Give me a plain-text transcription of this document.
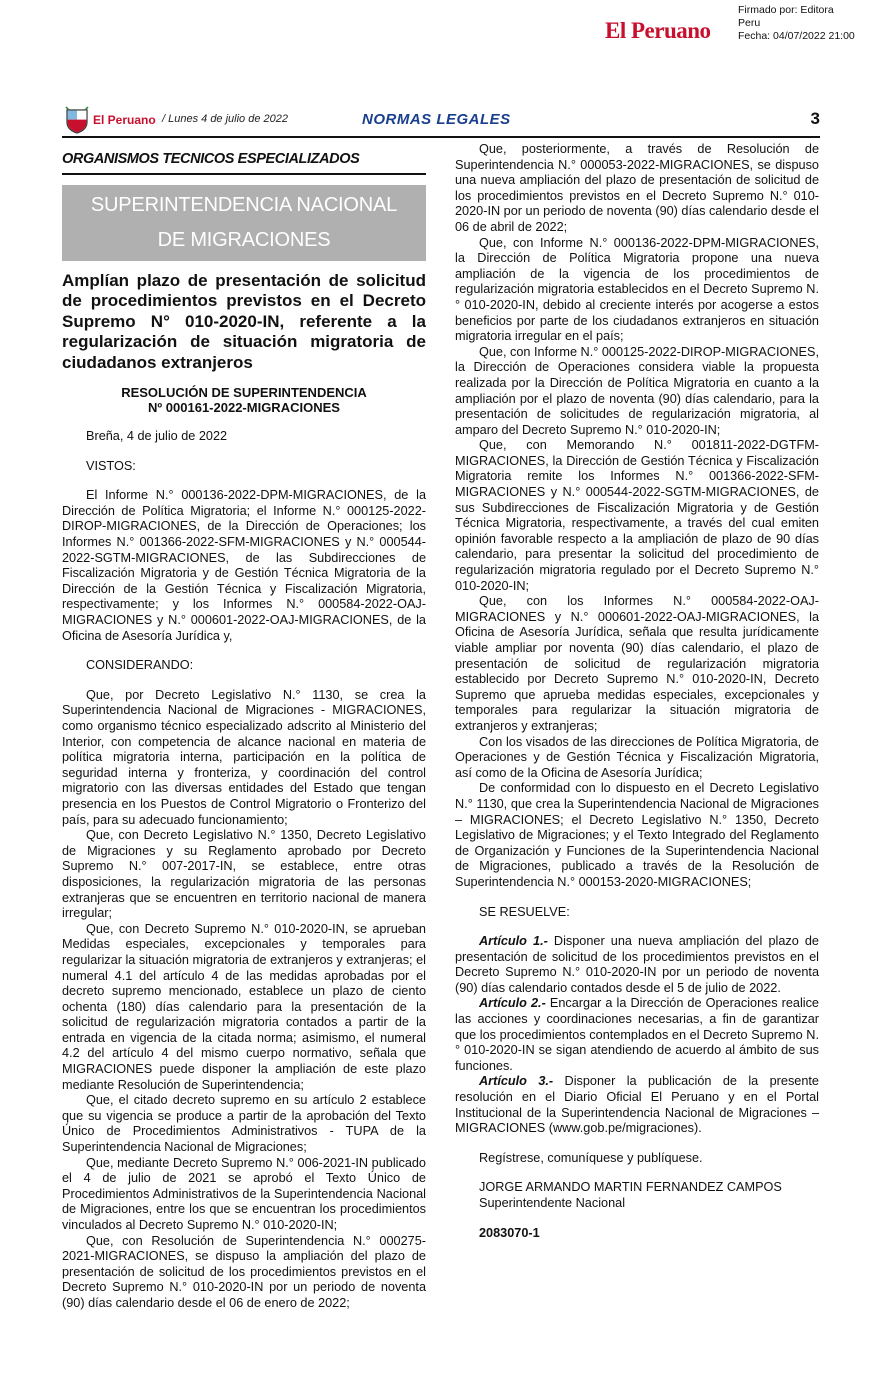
El Peruano
Firmado por: Editora
Peru
Fecha: 04/07/2022 21:00
El Peruano / Lunes 4 de julio de 2022	NORMAS LEGALES	3
ORGANISMOS TECNICOS ESPECIALIZADOS
SUPERINTENDENCIA NACIONAL
DE MIGRACIONES

Amplían plazo de presentación de solicitud de procedimientos previstos en el Decreto Supremo N° 010-2020-IN, referente a la regularización de situación migratoria de ciudadanos extranjeros

RESOLUCIÓN DE SUPERINTENDENCIA
Nº 000161-2022-MIGRACIONES

Breña, 4 de julio de 2022

VISTOS:

El Informe N.° 000136-2022-DPM-MIGRACIONES, de la Dirección de Política Migratoria; el Informe N.° 000125-2022-DIROP-MIGRACIONES, de la Dirección de Operaciones; los Informes N.° 001366-2022-SFM-MIGRACIONES y N.° 000544-2022-SGTM-MIGRACIONES, de las Subdirecciones de Fiscalización Migratoria y de Gestión Técnica Migratoria de la Dirección de la Gestión Técnica y Fiscalización Migratoria, respectivamente; y los Informes N.° 000584-2022-OAJ-MIGRACIONES y N.° 000601-2022-OAJ-MIGRACIONES, de la Oficina de Asesoría Jurídica y,

CONSIDERANDO:

Que, por Decreto Legislativo N.° 1130, se crea la Superintendencia Nacional de Migraciones - MIGRACIONES, como organismo técnico especializado adscrito al Ministerio del Interior, con competencia de alcance nacional en materia de política migratoria interna, participación en la política de seguridad interna y fronteriza, y coordinación del control migratorio con las diversas entidades del Estado que tengan presencia en los Puestos de Control Migratorio o Fronterizo del país, para su adecuado funcionamiento;

Que, con Decreto Legislativo N.° 1350, Decreto Legislativo de Migraciones y su Reglamento aprobado por Decreto Supremo N.° 007-2017-IN, se establece, entre otras disposiciones, la regularización migratoria de las personas extranjeras que se encuentren en territorio nacional de manera irregular;

Que, con Decreto Supremo N.° 010-2020-IN, se aprueban Medidas especiales, excepcionales y temporales para regularizar la situación migratoria de extranjeros y extranjeras; el numeral 4.1 del artículo 4 de las medidas aprobadas por el decreto supremo mencionado, establece un plazo de ciento ochenta (180) días calendario para la presentación de la solicitud de regularización migratoria contados a partir de la entrada en vigencia de la citada norma; asimismo, el numeral 4.2 del artículo 4 del mismo cuerpo normativo, señala que MIGRACIONES puede disponer la ampliación de este plazo mediante Resolución de Superintendencia;

Que, el citado decreto supremo en su artículo 2 establece que su vigencia se produce a partir de la aprobación del Texto Único de Procedimientos Administrativos - TUPA de la Superintendencia Nacional de Migraciones;

Que, mediante Decreto Supremo N.° 006-2021-IN publicado el 4 de julio de 2021 se aprobó el Texto Único de Procedimientos Administrativos de la Superintendencia Nacional de Migraciones, entre los que se encuentran los procedimientos vinculados al Decreto Supremo N.° 010-2020-IN;

Que, con Resolución de Superintendencia N.° 000275-2021-MIGRACIONES, se dispuso la ampliación del plazo de presentación de solicitud de los procedimientos previstos en el Decreto Supremo N.° 010-2020-IN por un periodo de noventa (90) días calendario desde el 06 de enero de 2022;

Que, posteriormente, a través de Resolución de Superintendencia N.° 000053-2022-MIGRACIONES, se dispuso una nueva ampliación del plazo de presentación de solicitud de los procedimientos previstos en el Decreto Supremo N.° 010-2020-IN por un periodo de noventa (90) días calendario desde el 06 de abril de 2022;

Que, con Informe N.° 000136-2022-DPM-MIGRACIONES, la Dirección de Política Migratoria propone una nueva ampliación de la vigencia de los procedimientos de regularización migratoria establecidos en el Decreto Supremo N.° 010-2020-IN, debido al creciente interés por acogerse a estos beneficios por parte de los ciudadanos extranjeros en situación migratoria irregular en el país;

Que, con Informe N.° 000125-2022-DIROP-MIGRACIONES, la Dirección de Operaciones considera viable la propuesta realizada por la Dirección de Política Migratoria en cuanto a la ampliación por el plazo de noventa (90) días calendario, para la presentación de solicitudes de regularización migratoria, al amparo del Decreto Supremo N.° 010-2020-IN;

Que, con Memorando N.° 001811-2022-DGTFM-MIGRACIONES, la Dirección de Gestión Técnica y Fiscalización Migratoria remite los Informes N.° 001366-2022-SFM-MIGRACIONES y N.° 000544-2022-SGTM-MIGRACIONES, de sus Subdirecciones de Fiscalización Migratoria y de Gestión Técnica Migratoria, respectivamente, a través del cual emiten opinión favorable respecto a la ampliación de plazo de 90 días calendario, para presentar la solicitud del procedimiento de regularización migratoria regulado por el Decreto Supremo N.° 010-2020-IN;

Que, con los Informes N.° 000584-2022-OAJ-MIGRACIONES y N.° 000601-2022-OAJ-MIGRACIONES, la Oficina de Asesoría Jurídica, señala que resulta jurídicamente viable ampliar por noventa (90) días calendario, el plazo de presentación de solicitud de regularización migratoria establecido por Decreto Supremo N.° 010-2020-IN, Decreto Supremo que aprueba medidas especiales, excepcionales y temporales para regularizar la situación migratoria de extranjeros y extranjeras;

Con los visados de las direcciones de Política Migratoria, de Operaciones y de Gestión Técnica y Fiscalización Migratoria, así como de la Oficina de Asesoría Jurídica;

De conformidad con lo dispuesto en el Decreto Legislativo N.° 1130, que crea la Superintendencia Nacional de Migraciones – MIGRACIONES; el Decreto Legislativo N.° 1350, Decreto Legislativo de Migraciones; y el Texto Integrado del Reglamento de Organización y Funciones de la Superintendencia Nacional de Migraciones, publicado a través de la Resolución de Superintendencia N.° 000153-2020-MIGRACIONES;

SE RESUELVE:

Artículo 1.- Disponer una nueva ampliación del plazo de presentación de solicitud de los procedimientos previstos en el Decreto Supremo N.° 010-2020-IN por un periodo de noventa (90) días calendario contados desde el 5 de julio de 2022.

Artículo 2.- Encargar a la Dirección de Operaciones realice las acciones y coordinaciones necesarias, a fin de garantizar que los procedimientos contemplados en el Decreto Supremo N.° 010-2020-IN se sigan atendiendo de acuerdo al ámbito de sus funciones.

Artículo 3.- Disponer la publicación de la presente resolución en el Diario Oficial El Peruano y en el Portal Institucional de la Superintendencia Nacional de Migraciones – MIGRACIONES (www.gob.pe/migraciones).

Regístrese, comuníquese y publíquese.

JORGE ARMANDO MARTIN FERNANDEZ CAMPOS

Superintendente Nacional

2083070-1
